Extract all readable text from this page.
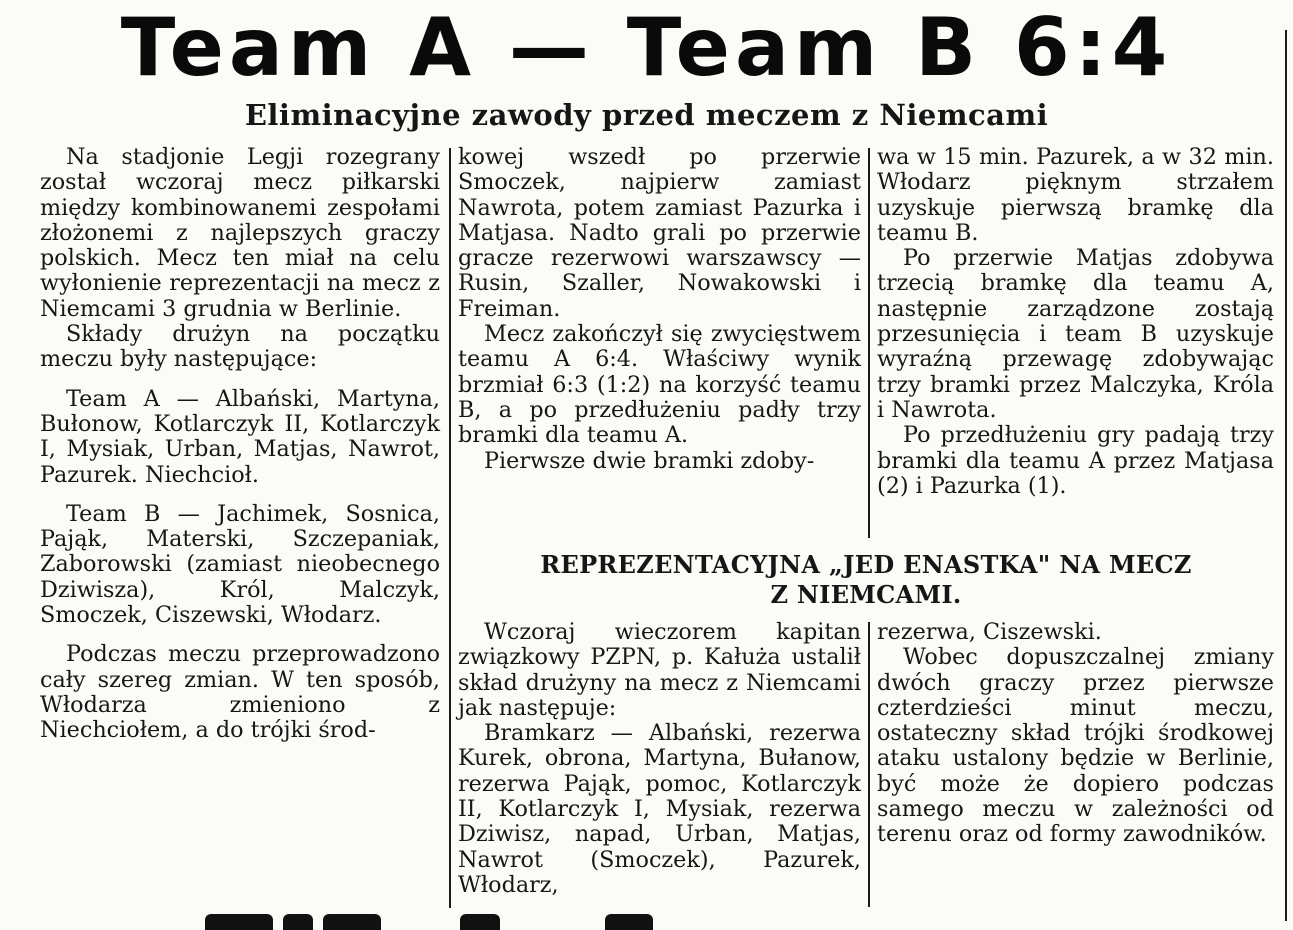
Team A — Team B 6:4
Eliminacyjne zawody przed meczem z Niemcami

Na stadjonie Legji rozegrany został wczoraj mecz piłkarski między kombinowanemi zespołami złożonemi z najlepszych graczy polskich. Mecz ten miał na celu wyłonienie reprezentacji na mecz z Niemcami 3 grudnia w Berlinie.

Składy drużyn na początku meczu były następujące:

Team A — Albański, Martyna, Bułonow, Kotlarczyk II, Kotlarczyk I, Mysiak, Urban, Matjas, Nawrot, Pazurek. Niechcioł.

Team B — Jachimek, Sosnica, Pająk, Materski, Szczepaniak, Zaborowski (zamiast nieobecnego Dziwisza), Król, Malczyk, Smoczek, Ciszewski, Włodarz.

Podczas meczu przeprowadzono cały szereg zmian. W ten sposób, Włodarza zmieniono z Niechciołem, a do trójki środ-

kowej wszedł po przerwie Smoczek, najpierw zamiast Nawrota, potem zamiast Pazurka i Matjasa. Nadto grali po przerwie gracze rezerwowi warszawscy — Rusin, Szaller, Nowakowski i Freiman.

Mecz zakończył się zwycięstwem teamu A 6:4. Właściwy wynik brzmiał 6:3 (1:2) na korzyść teamu B, a po przedłużeniu padły trzy bramki dla teamu A.

Pierwsze dwie bramki zdoby-

wa w 15 min. Pazurek, a w 32 min. Włodarz pięknym strzałem uzyskuje pierwszą bramkę dla teamu B.

Po przerwie Matjas zdobywa trzecią bramkę dla teamu A, następnie zarządzone zostają przesunięcia i team B uzyskuje wyraźną przewagę zdobywając trzy bramki przez Malczyka, Króla i Nawrota.

Po przedłużeniu gry padają trzy bramki dla teamu A przez Matjasa (2) i Pazurka (1).

REPREZENTACYJNA „JED ENASTKA" NA MECZ
Z NIEMCAMI.

Wczoraj wieczorem kapitan związkowy PZPN, p. Kałuża ustalił skład drużyny na mecz z Niemcami jak następuje:

Bramkarz — Albański, rezerwa Kurek, obrona, Martyna, Bułanow, rezerwa Pająk, pomoc, Kotlarczyk II, Kotlarczyk I, Mysiak, rezerwa Dziwisz, napad, Urban, Matjas, Nawrot (Smoczek), Pazurek, Włodarz,

rezerwa, Ciszewski.

Wobec dopuszczalnej zmiany dwóch graczy przez pierwsze czterdzieści minut meczu, ostateczny skład trójki środkowej ataku ustalony będzie w Berlinie, być może że dopiero podczas samego meczu w zależności od terenu oraz od formy zawodników.
